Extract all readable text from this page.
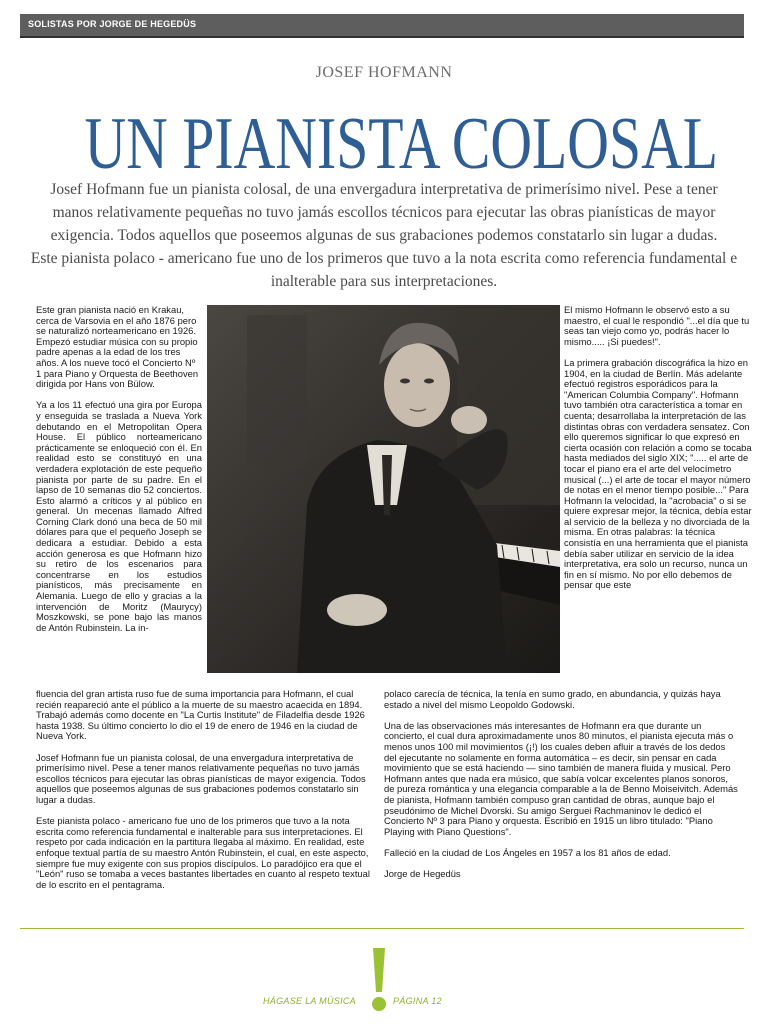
SOLISTAS POR JORGE DE HEGEDÜS
JOSEF HOFMANN
UN PIANISTA COLOSAL

Josef Hofmann fue un pianista colosal, de una envergadura interpretativa de primerísimo nivel. Pese a tener manos relativamente pequeñas no tuvo jamás escollos técnicos para ejecutar las obras pianísticas de mayor exigencia. Todos aquellos que poseemos algunas de sus grabaciones podemos constatarlo sin lugar a dudas.

Este pianista polaco - americano fue uno de los primeros que tuvo a la nota escrita como referencia fundamental e inalterable para sus interpretaciones.

Este gran pianista nació en Krakau, cerca de Varsovia en el año 1876 pero se naturalizó norteamericano en 1926. Empezó estudiar música con su propio padre apenas a la edad de los tres años. A los nueve tocó el Concierto Nº 1 para Piano y Orquesta de Beethoven dirigida por Hans von Bülow.

Ya a los 11 efectuó una gira por Europa y enseguida se traslada a Nueva York debutando en el Metropolitan Opera House. El público norteamericano prácticamente se enloqueció con él. En realidad esto se constituyó en una verdadera explotación de este pequeño pianista por parte de su padre. En el lapso de 10 semanas dio 52 conciertos. Esto alarmó a críticos y al público en general. Un mecenas llamado Alfred Corning Clark donó una beca de 50 mil dólares para que el pequeño Joseph se dedicara a estudiar. Debido a esta acción generosa es que Hofmann hizo su retiro de los escenarios para concentrarse en los estudios pianísticos, más precisamente en Alemania. Luego de ello y gracias a la intervención de Moritz (Maurycy) Moszkowski, se pone bajo las manos de Antón Rubinstein. La in-

El mismo Hofmann le observó esto a su maestro, el cual le respondió "...el día que tu seas tan viejo como yo, podrás hacer lo mismo..... ¡Si puedes!".

La primera grabación discográfica la hizo en 1904, en la ciudad de Berlín. Más adelante efectuó registros esporádicos para la "American Columbia Company". Hofmann tuvo también otra característica a tomar en cuenta; desarrollaba la interpretación de las distintas obras con verdadera sensatez. Con ello queremos significar lo que expresó en cierta ocasión con relación a como se tocaba hasta mediados del siglo XIX; "..... el arte de tocar el piano era el arte del velocímetro musical (...) el arte de tocar el mayor número de notas en el menor tiempo posible..." Para Hofmann la velocidad, la "acrobacia" o si se quiere expresar mejor, la técnica, debía estar al servicio de la belleza y no divorciada de la misma. En otras palabras: la técnica consistía en una herramienta que el pianista debía saber utilizar en servicio de la idea interpretativa, era solo un recurso, nunca un fin en sí mismo. No por ello debemos de pensar que este

fluencia del gran artista ruso fue de suma importancia para Hofmann, el cual recién reapareció ante el público a la muerte de su maestro acaecida en 1894. Trabajó además como docente en "La Curtis Institute" de Filadelfia desde 1926 hasta 1938. Su último concierto lo dio el 19 de enero de 1946 en la ciudad de Nueva York.

Josef Hofmann fue un pianista colosal, de una envergadura interpretativa de primerísimo nivel. Pese a tener manos relativamente pequeñas no tuvo jamás escollos técnicos para ejecutar las obras pianísticas de mayor exigencia. Todos aquellos que poseemos algunas de sus grabaciones podemos constatarlo sin lugar a dudas.

Este pianista polaco - americano fue uno de los primeros que tuvo a la nota escrita como referencia fundamental e inalterable para sus interpretaciones. El respeto por cada indicación en la partitura llegaba al máximo. En realidad, este enfoque textual partía de su maestro Antón Rubinstein, el cual, en este aspecto, siempre fue muy exigente con sus propios discípulos. Lo paradójico era que el "León" ruso se tomaba a veces bastantes libertades en cuanto al respeto textual de lo escrito en el pentagrama.

polaco carecía de técnica, la tenía en sumo grado, en abundancia, y quizás haya estado a nivel del mismo Leopoldo Godowski.

Una de las observaciones más interesantes de Hofmann era que durante un concierto, el cual dura aproximadamente unos 80 minutos, el pianista ejecuta más o menos unos 100 mil movimientos (¡!) los cuales deben afluir a través de los dedos del ejecutante no solamente en forma automática – es decir, sin pensar en cada movimiento que se está haciendo — sino también de manera fluida y musical. Pero Hofmann antes que nada era músico, que sabía volcar excelentes planos sonoros, de pureza romántica y una elegancia comparable a la de Benno Moiseivitch. Además de pianista, Hofmann también compuso gran cantidad de obras, aunque bajo el pseudónimo de Michel Dvorski. Su amigo Serguei Rachmaninov le dedicó el Concierto Nº 3 para Piano y orquesta. Escribió en 1915 un libro titulado: "Piano Playing with Piano Questions".

Falleció en la ciudad de Los Ángeles en 1957 a los 81 años de edad.

Jorge de Hegedüs

HÁGASE LA MÚSICA	PÁGINA 12
